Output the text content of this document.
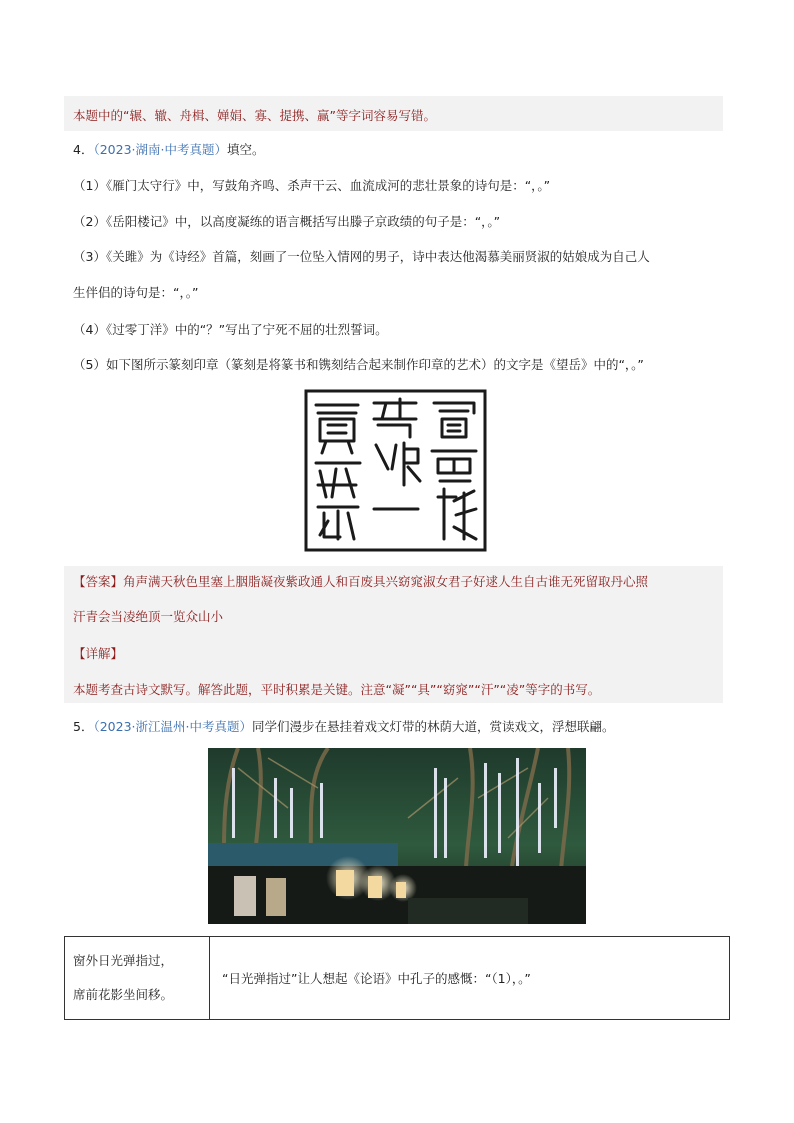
本题中的“辗、辙、舟楫、婵娟、寡、提携、赢”等字词容易写错。
4．（2023·湖南·中考真题）填空。
（1）《雁门太守行》中，写鼓角齐鸣、杀声干云、血流成河的悲壮景象的诗句是：“，。”
（2）《岳阳楼记》中，以高度凝练的语言概括写出滕子京政绩的句子是：“，。”
（3）《关雎》为《诗经》首篇，刻画了一位坠入情网的男子，诗中表达他渴慕美丽贤淑的姑娘成为自己人
生伴侣的诗句是：“，。”
（4）《过零丁洋》中的“？”写出了宁死不屈的壮烈誓词。
（5）如下图所示篆刻印章（篆刻是将篆书和镌刻结合起来制作印章的艺术）的文字是《望岳》中的“，。”
【答案】角声满天秋色里塞上胭脂凝夜紫政通人和百废具兴窈窕淑女君子好逑人生自古谁无死留取丹心照
汗青会当凌绝顶一览众山小
【详解】
本题考查古诗文默写。解答此题，平时积累是关键。注意“凝”“具”“窈窕”“汗”“凌”等字的书写。
5．（2023·浙江温州·中考真题）同学们漫步在悬挂着戏文灯带的林荫大道，赏读戏文，浮想联翩。
窗外日光弹指过，
席前花影坐间移。
	“日光弹指过”让人想起《论语》中孔子的感慨：“（1），。”
